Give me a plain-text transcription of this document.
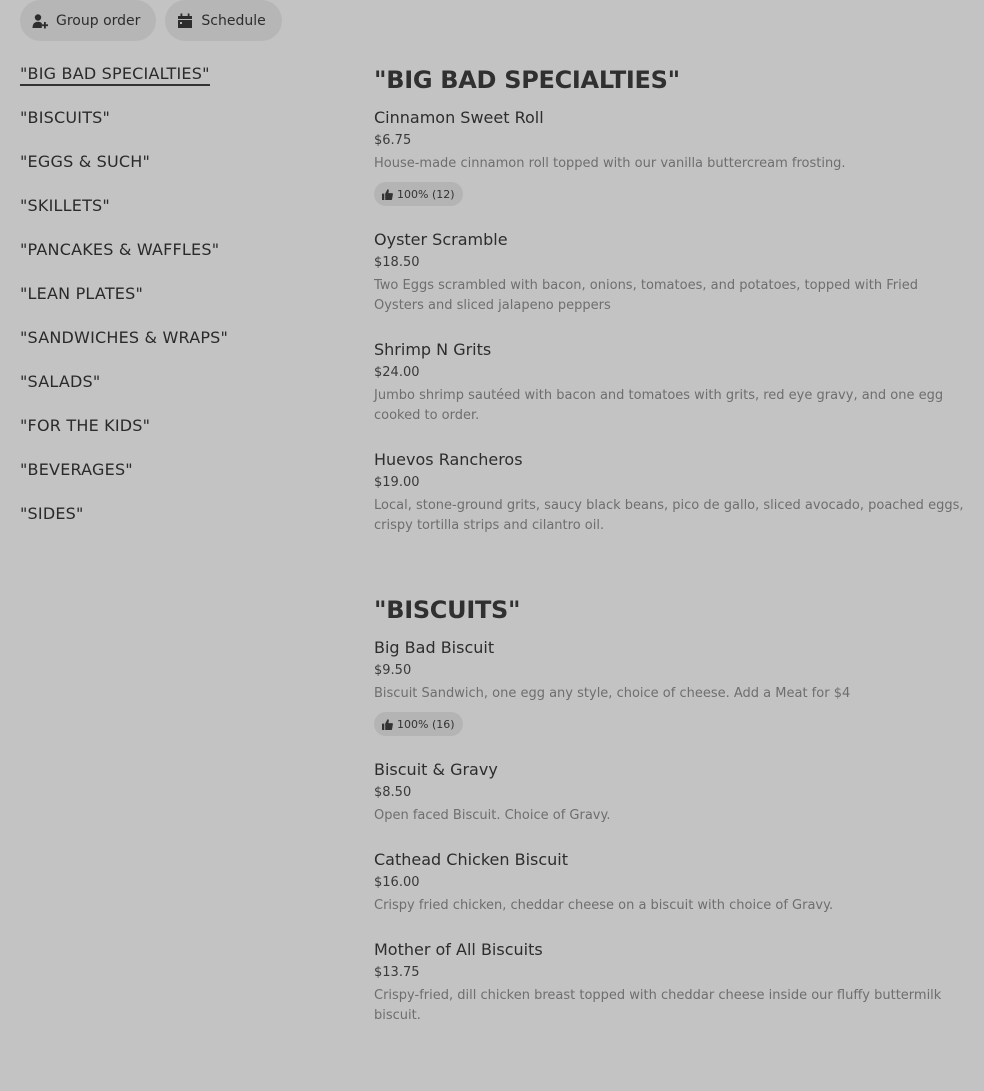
Group order	Schedule
"BIG BAD SPECIALTIES"
"BISCUITS"
"EGGS & SUCH"
"SKILLETS"
"PANCAKES & WAFFLES"
"LEAN PLATES"
"SANDWICHES & WRAPS"
"SALADS"
"FOR THE KIDS"
"BEVERAGES"
"SIDES"
"BIG BAD SPECIALTIES"
Cinnamon Sweet Roll
$6.75
House-made cinnamon roll topped with our vanilla buttercream frosting.
100% (12)
Oyster Scramble
$18.50
Two Eggs scrambled with bacon, onions, tomatoes, and potatoes, topped with Fried Oysters and sliced jalapeno peppers
Shrimp N Grits
$24.00
Jumbo shrimp sautéed with bacon and tomatoes with grits, red eye gravy, and one egg cooked to order.
Huevos Rancheros
$19.00
Local, stone-ground grits, saucy black beans, pico de gallo, sliced avocado, poached eggs, crispy tortilla strips and cilantro oil.
"BISCUITS"
Big Bad Biscuit
$9.50
Biscuit Sandwich, one egg any style, choice of cheese. Add a Meat for $4
100% (16)
Biscuit & Gravy
$8.50
Open faced Biscuit. Choice of Gravy.
Cathead Chicken Biscuit
$16.00
Crispy fried chicken, cheddar cheese on a biscuit with choice of Gravy.
Mother of All Biscuits
$13.75
Crispy-fried, dill chicken breast topped with cheddar cheese inside our fluffy buttermilk biscuit.
